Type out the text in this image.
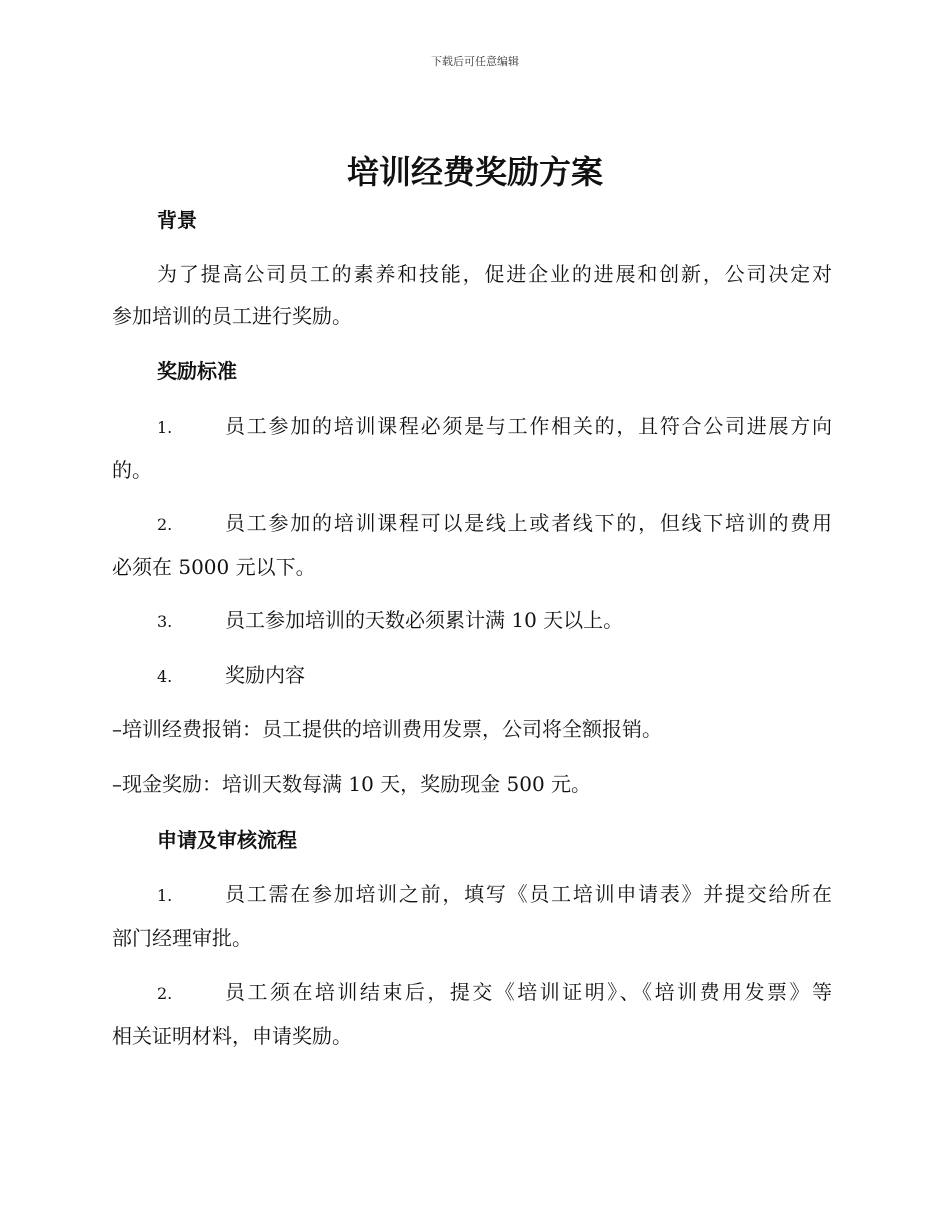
下载后可任意编辑
培训经费奖励方案
背景
为了提高公司员工的素养和技能，促进企业的进展和创新，公司决定对
参加培训的员工进行奖励。
奖励标准
1.	员工参加的培训课程必须是与工作相关的，且符合公司进展方向
的。
2.	员工参加的培训课程可以是线上或者线下的，但线下培训的费用
必须在 5000 元以下。
3.	员工参加培训的天数必须累计满 10 天以上。
4.	奖励内容
–培训经费报销：员工提供的培训费用发票，公司将全额报销。
–现金奖励：培训天数每满 10 天，奖励现金 500 元。
申请及审核流程
1.	员工需在参加培训之前，填写《员工培训申请表》并提交给所在
部门经理审批。
2.	员工须在培训结束后，提交《培训证明》、《培训费用发票》等
相关证明材料，申请奖励。
